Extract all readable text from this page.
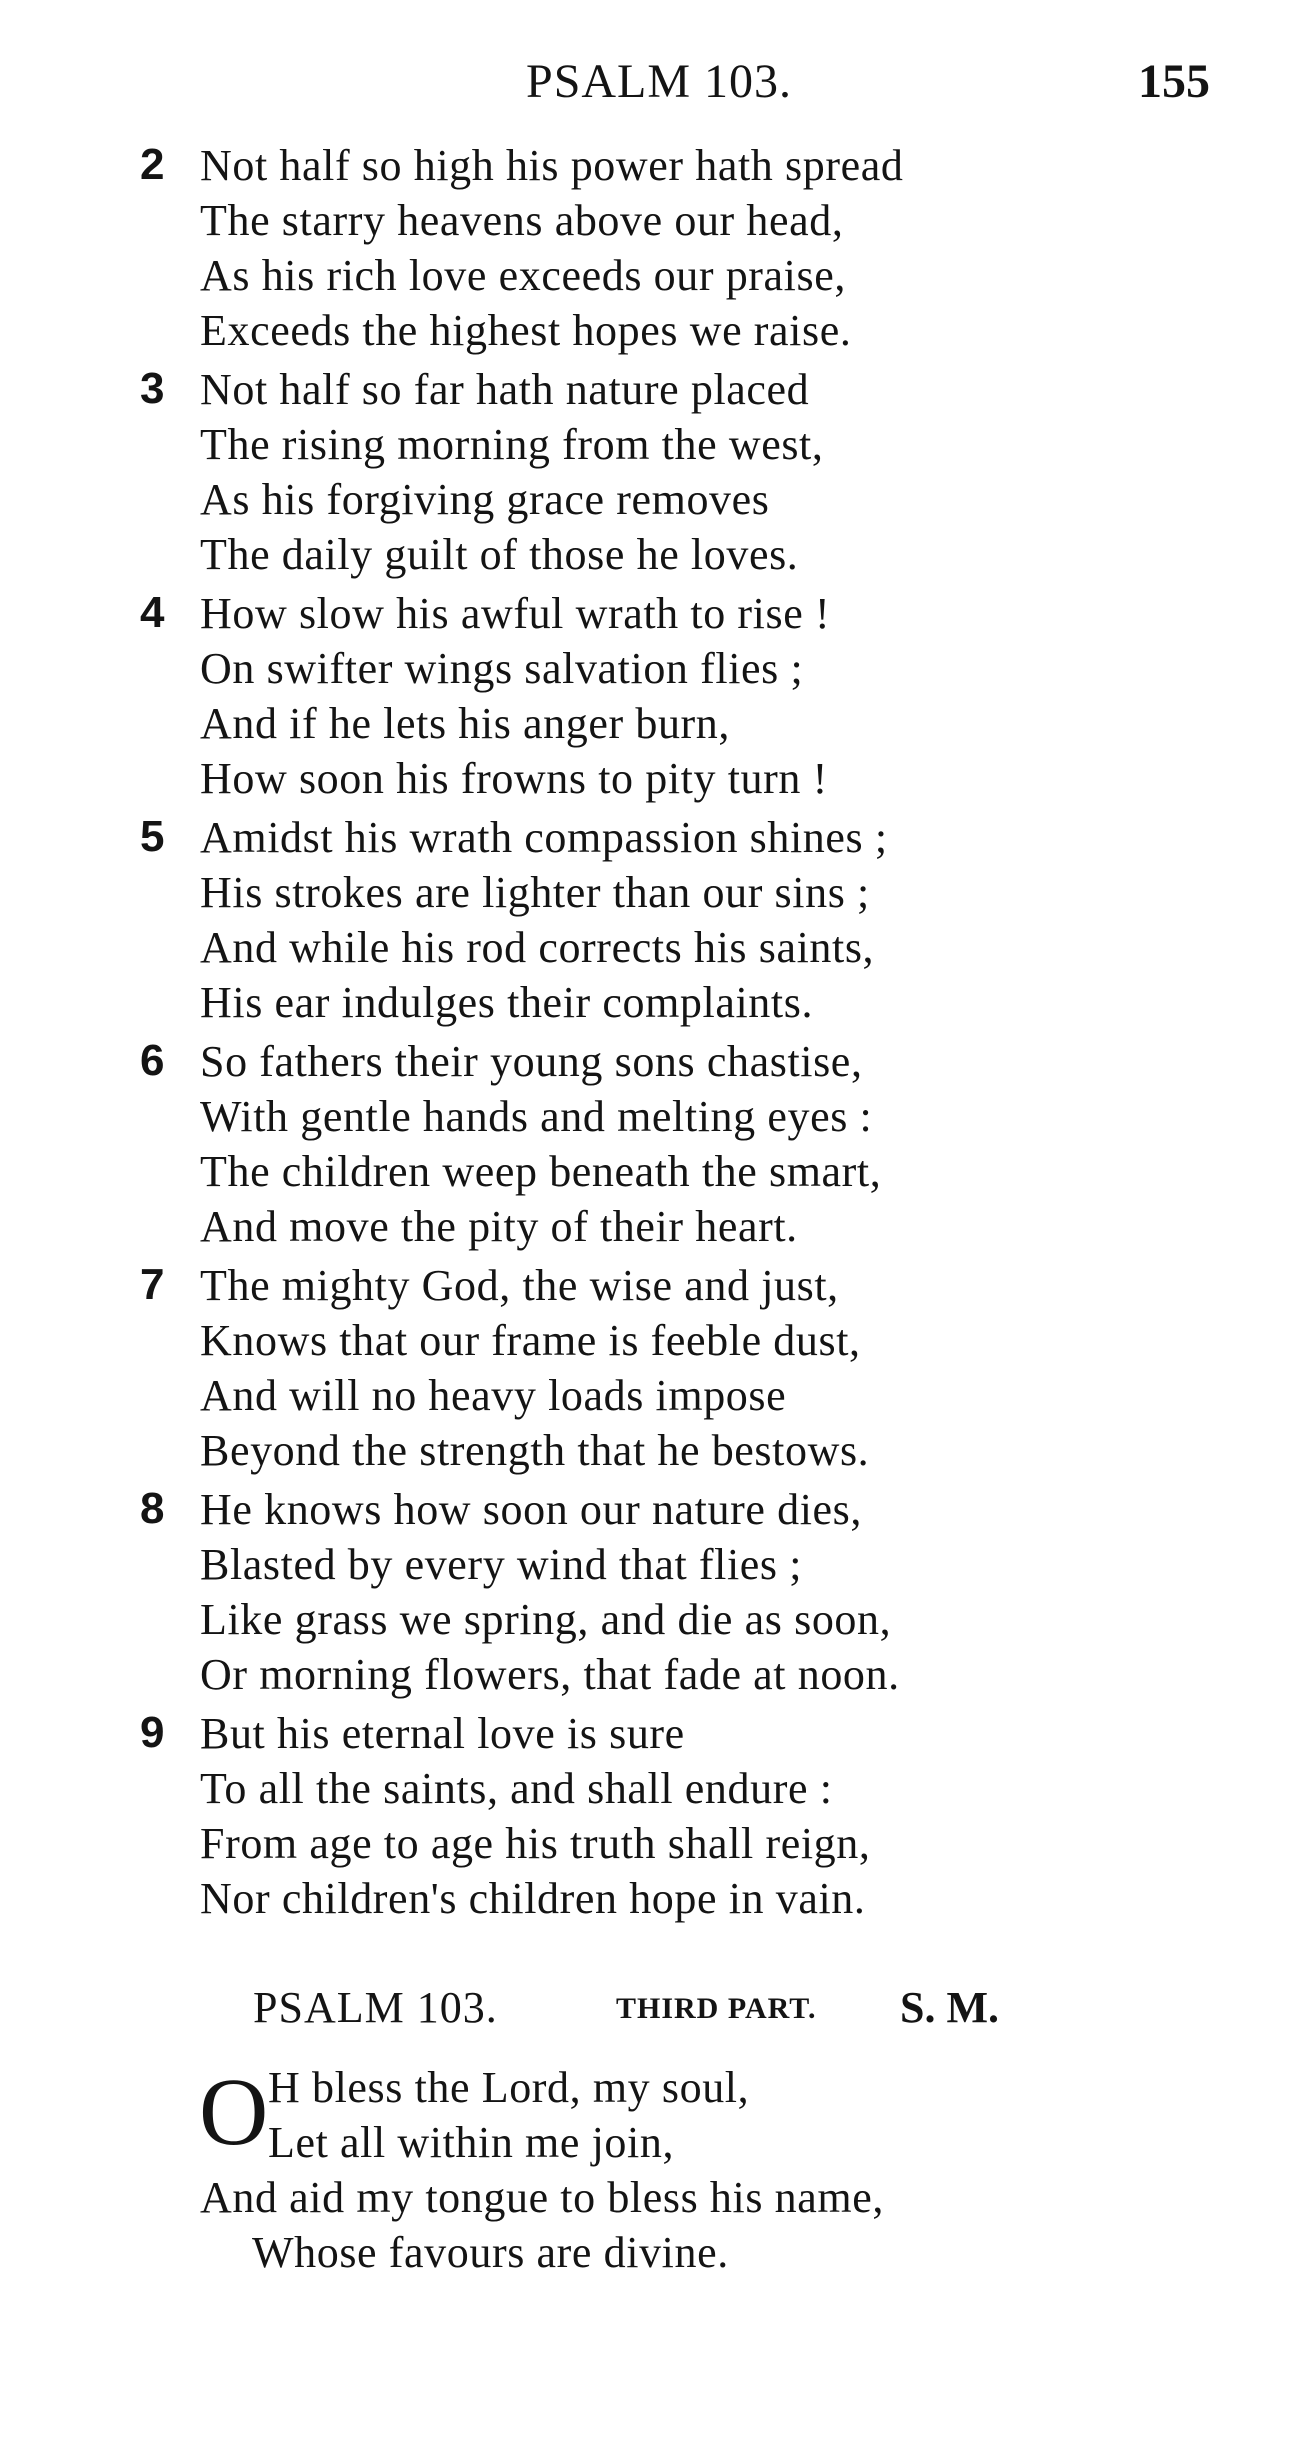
PSALM 103.	155
2 Not half so high his power hath spread
The starry heavens above our head,
As his rich love exceeds our praise,
Exceeds the highest hopes we raise.
3 Not half so far hath nature placed
The rising morning from the west,
As his forgiving grace removes
The daily guilt of those he loves.
4 How slow his awful wrath to rise !
On swifter wings salvation flies ;
And if he lets his anger burn,
How soon his frowns to pity turn !
5 Amidst his wrath compassion shines ;
His strokes are lighter than our sins ;
And while his rod corrects his saints,
His ear indulges their complaints.
6 So fathers their young sons chastise,
With gentle hands and melting eyes :
The children weep beneath the smart,
And move the pity of their heart.
7 The mighty God, the wise and just,
Knows that our frame is feeble dust,
And will no heavy loads impose
Beyond the strength that he bestows.
8 He knows how soon our nature dies,
Blasted by every wind that flies ;
Like grass we spring, and die as soon,
Or morning flowers, that fade at noon.
9 But his eternal love is sure
To all the saints, and shall endure :
From age to age his truth shall reign,
Nor children's children hope in vain.
PSALM 103.	THIRD PART. S. M.
O H bless the Lord, my soul,
Let all within me join,
And aid my tongue to bless his name,
Whose favours are divine.
